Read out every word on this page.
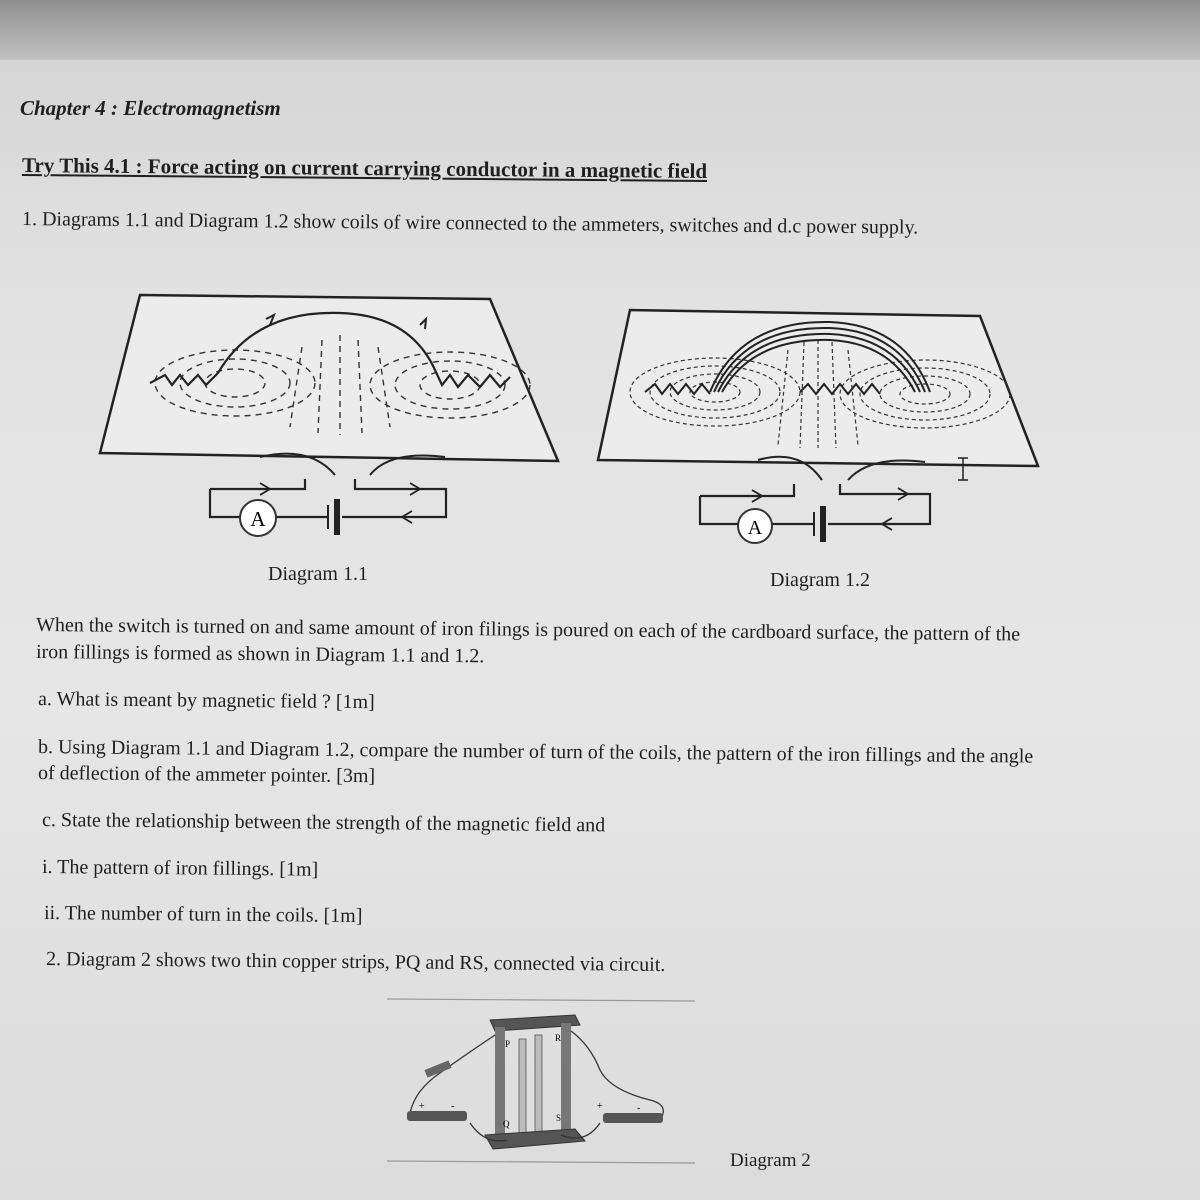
Chapter 4 : Electromagnetism
Try This 4.1 : Force acting on current carrying conductor in a magnetic field
1. Diagrams 1.1 and Diagram 1.2 show coils of wire connected to the ammeters, switches and d.c power supply.
A
Diagram 1.1
A
Diagram 1.2
When the switch is turned on and same amount of iron filings is poured on each of the cardboard surface, the pattern of the
iron fillings is formed as shown in Diagram 1.1 and 1.2.
a. What is meant by magnetic field ? [1m]
b. Using Diagram 1.1 and Diagram 1.2, compare the number of turn of the coils, the pattern of the iron fillings and the angle
of deflection of the ammeter pointer. [3m]
c. State the relationship between the strength of the magnetic field and
i. The pattern of iron fillings. [1m]
ii. The number of turn in the coils. [1m]
2. Diagram 2 shows two thin copper strips, PQ and RS, connected via circuit.
P
R
Q
S
+	-	+	-
Diagram 2
